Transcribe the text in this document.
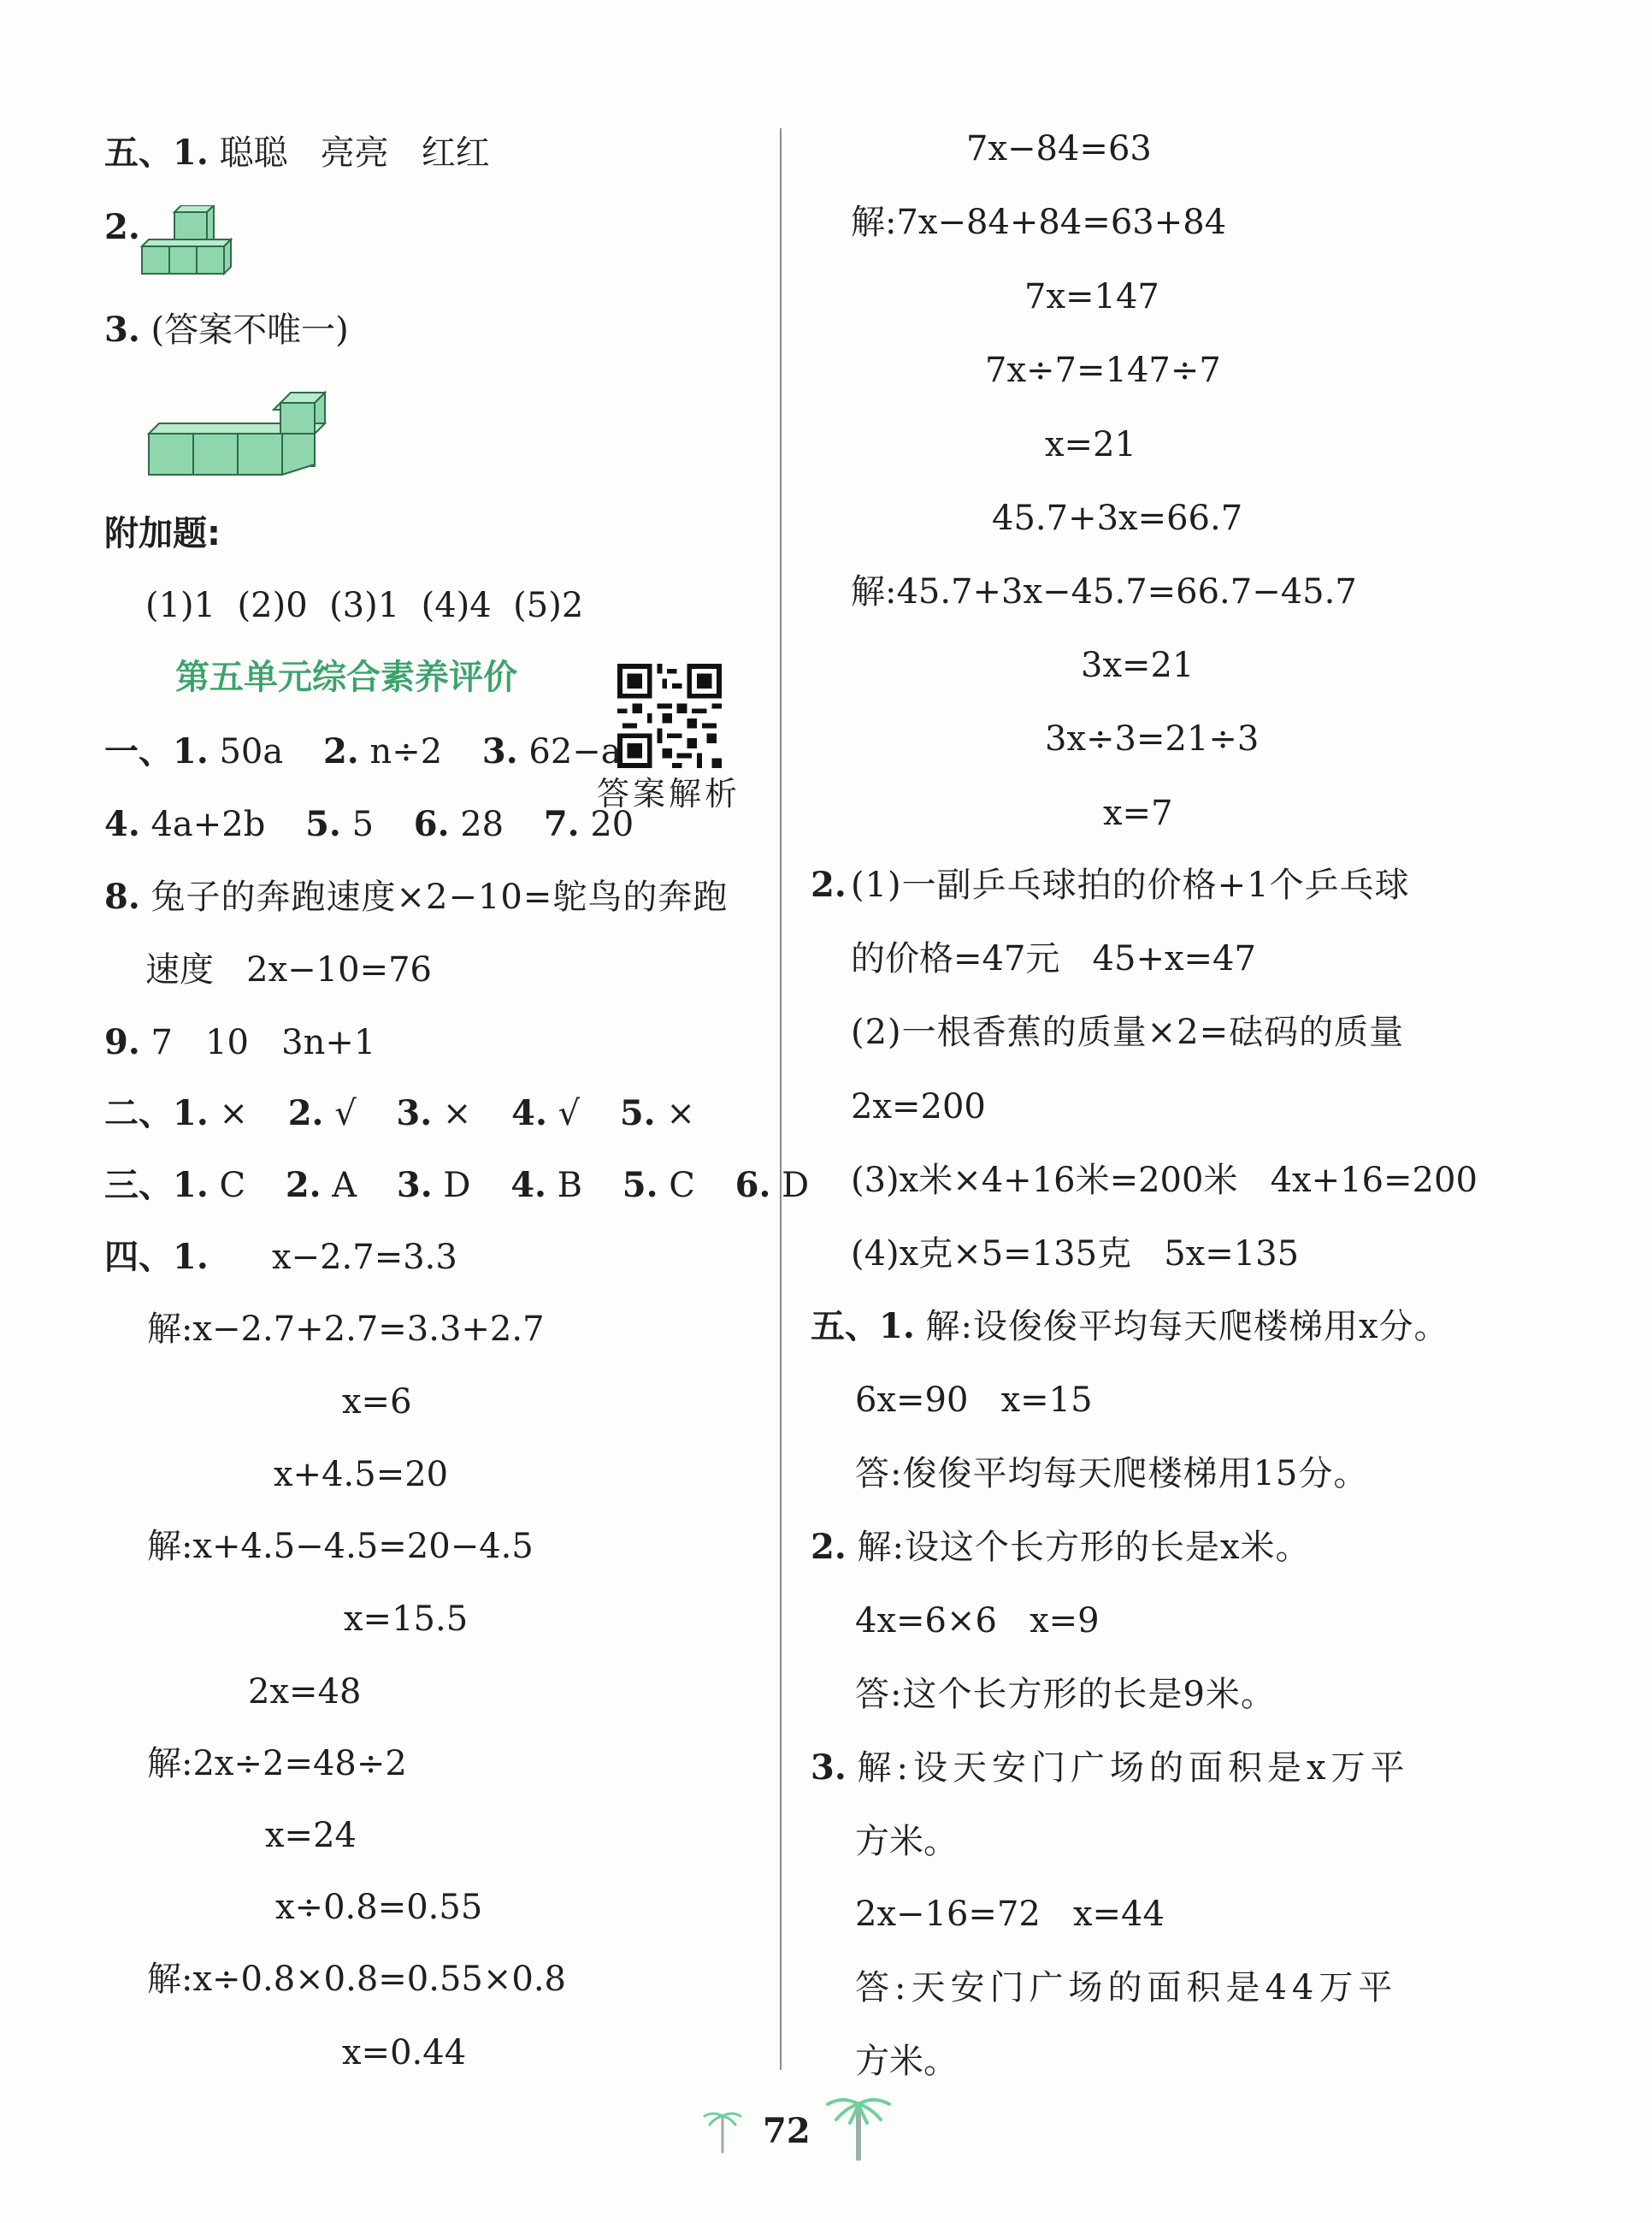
五、1. 聪聪   亮亮   红红
2.
3. (答案不唯一)
附加题:
(1)1  (2)0  (3)1  (4)4  (5)2
第五单元综合素养评价
答案解析
一、1. 50a 2. n÷2 3. 62−a
4. 4a+2b 5. 5 6. 28 7. 20
8. 兔子的奔跑速度×2−10=鸵鸟的奔跑
速度   2x−10=76
9. 7   10   3n+1
二、1. × 2. √ 3. × 4. √ 5. ×
三、1. C 2. A 3. D 4. B 5. C 6. D
四、1. x−2.7=3.3
解:x−2.7+2.7=3.3+2.7
x=6
x+4.5=20
解:x+4.5−4.5=20−4.5
x=15.5
2x=48
解:2x÷2=48÷2
x=24
x÷0.8=0.55
解:x÷0.8×0.8=0.55×0.8
x=0.44
7x−84=63
解:7x−84+84=63+84
7x=147
7x÷7=147÷7
x=21
45.7+3x=66.7
解:45.7+3x−45.7=66.7−45.7
3x=21
3x÷3=21÷3
x=7
2. (1)一副乒乓球拍的价格+1个乒乓球
的价格=47元   45+x=47
(2)一根香蕉的质量×2=砝码的质量
2x=200
(3)x米×4+16米=200米   4x+16=200
(4)x克×5=135克   5x=135
五、1. 解:设俊俊平均每天爬楼梯用x分。
6x=90   x=15
答:俊俊平均每天爬楼梯用15分。
2. 解:设这个长方形的长是x米。
4x=6×6   x=9
答:这个长方形的长是9米。
3. 解:设天安门广场的面积是x万平
方米。
2x−16=72   x=44
答:天安门广场的面积是44万平
方米。
72
